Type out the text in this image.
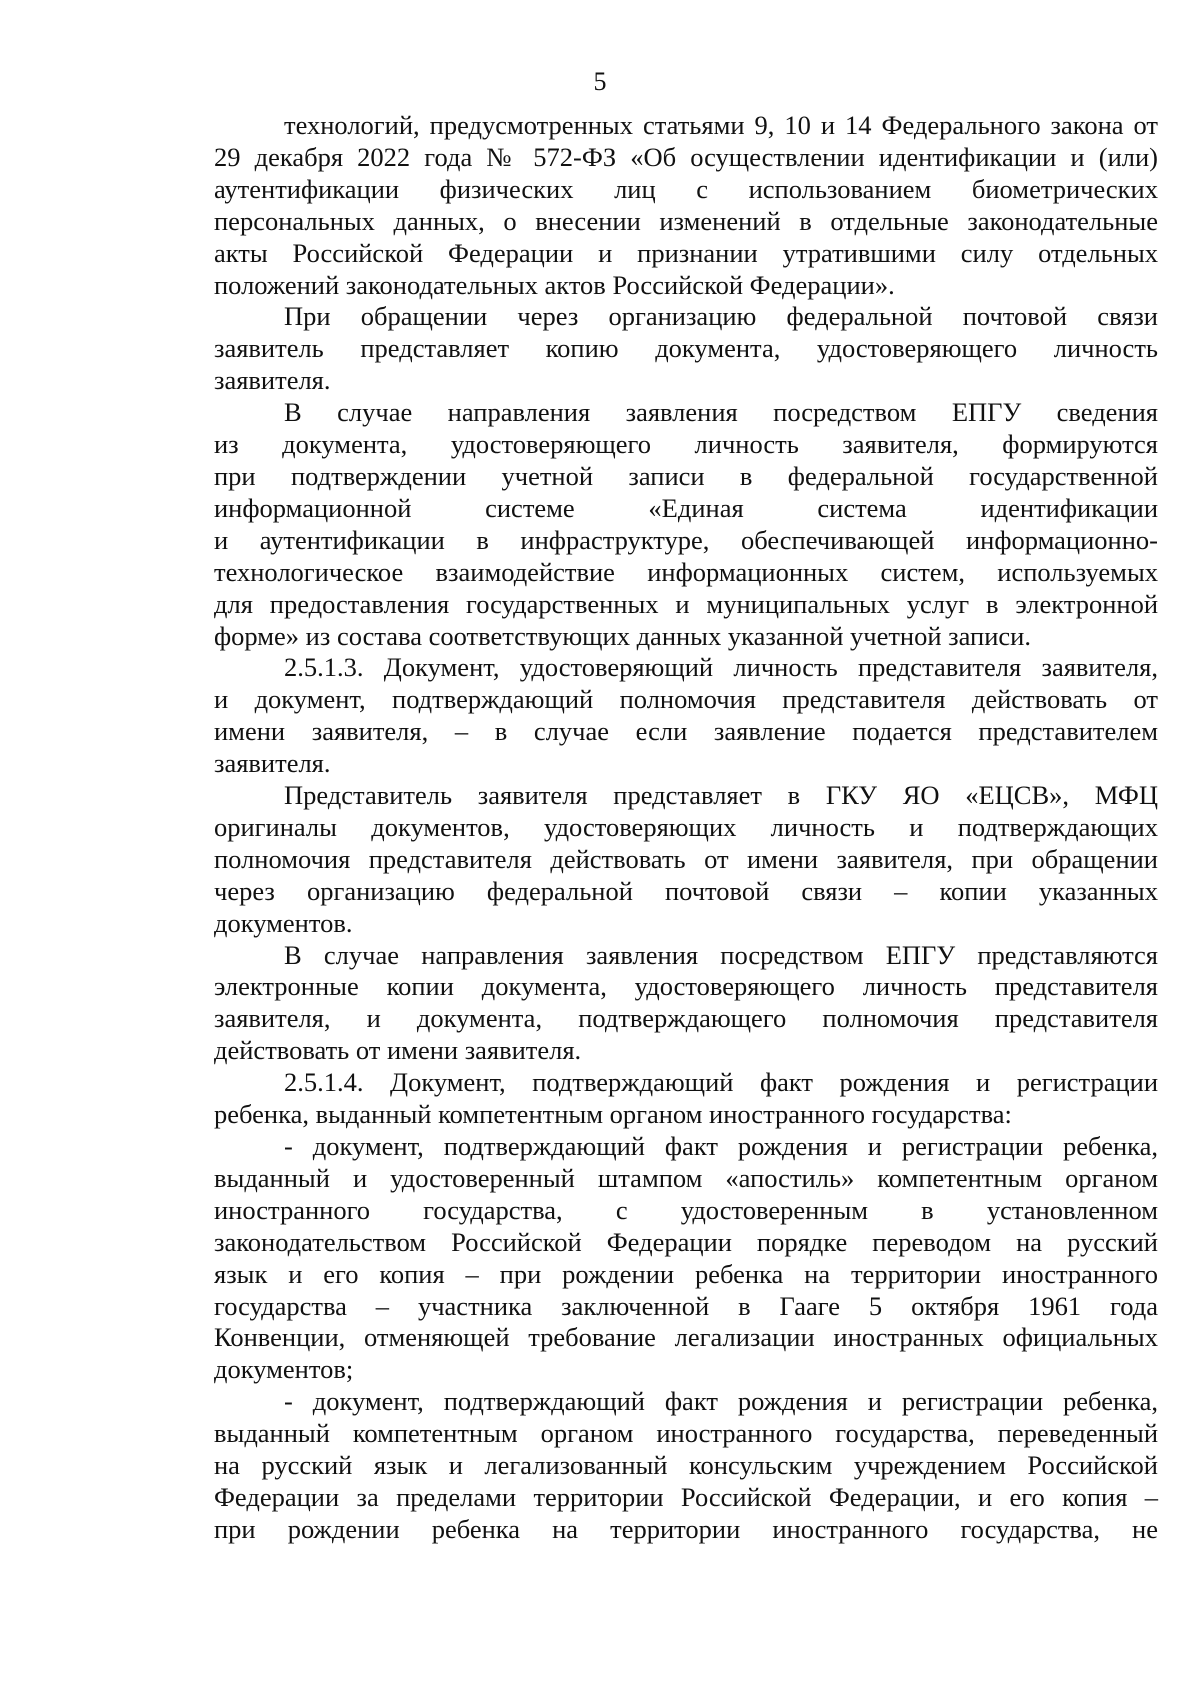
5
технологий, предусмотренных статьями 9, 10 и 14 Федерального закона от
29 декабря 2022 года № 572-ФЗ «Об осуществлении идентификации и (или)
аутентификации физических лиц с использованием биометрических
персональных данных, о внесении изменений в отдельные законодательные
акты Российской Федерации и признании утратившими силу отдельных
положений законодательных актов Российской Федерации».
При обращении через организацию федеральной почтовой связи
заявитель представляет копию документа, удостоверяющего личность
заявителя.
В случае направления заявления посредством ЕПГУ сведения
из документа, удостоверяющего личность заявителя, формируются
при подтверждении учетной записи в федеральной государственной
информационной системе «Единая система идентификации
и аутентификации в инфраструктуре, обеспечивающей информационно-
технологическое взаимодействие информационных систем, используемых
для предоставления государственных и муниципальных услуг в электронной
форме» из состава соответствующих данных указанной учетной записи.
2.5.1.3. Документ, удостоверяющий личность представителя заявителя,
и документ, подтверждающий полномочия представителя действовать от
имени заявителя, – в случае если заявление подается представителем
заявителя.
Представитель заявителя представляет в ГКУ ЯО «ЕЦСВ», МФЦ
оригиналы документов, удостоверяющих личность и подтверждающих
полномочия представителя действовать от имени заявителя, при обращении
через организацию федеральной почтовой связи – копии указанных
документов.
В случае направления заявления посредством ЕПГУ представляются
электронные копии документа, удостоверяющего личность представителя
заявителя, и документа, подтверждающего полномочия представителя
действовать от имени заявителя.
2.5.1.4. Документ, подтверждающий факт рождения и регистрации
ребенка, выданный компетентным органом иностранного государства:
- документ, подтверждающий факт рождения и регистрации ребенка,
выданный и удостоверенный штампом «апостиль» компетентным органом
иностранного государства, с удостоверенным в установленном
законодательством Российской Федерации порядке переводом на русский
язык и его копия – при рождении ребенка на территории иностранного
государства – участника заключенной в Гааге 5 октября 1961 года
Конвенции, отменяющей требование легализации иностранных официальных
документов;
- документ, подтверждающий факт рождения и регистрации ребенка,
выданный компетентным органом иностранного государства, переведенный
на русский язык и легализованный консульским учреждением Российской
Федерации за пределами территории Российской Федерации, и его копия –
при рождении ребенка на территории иностранного государства, не
